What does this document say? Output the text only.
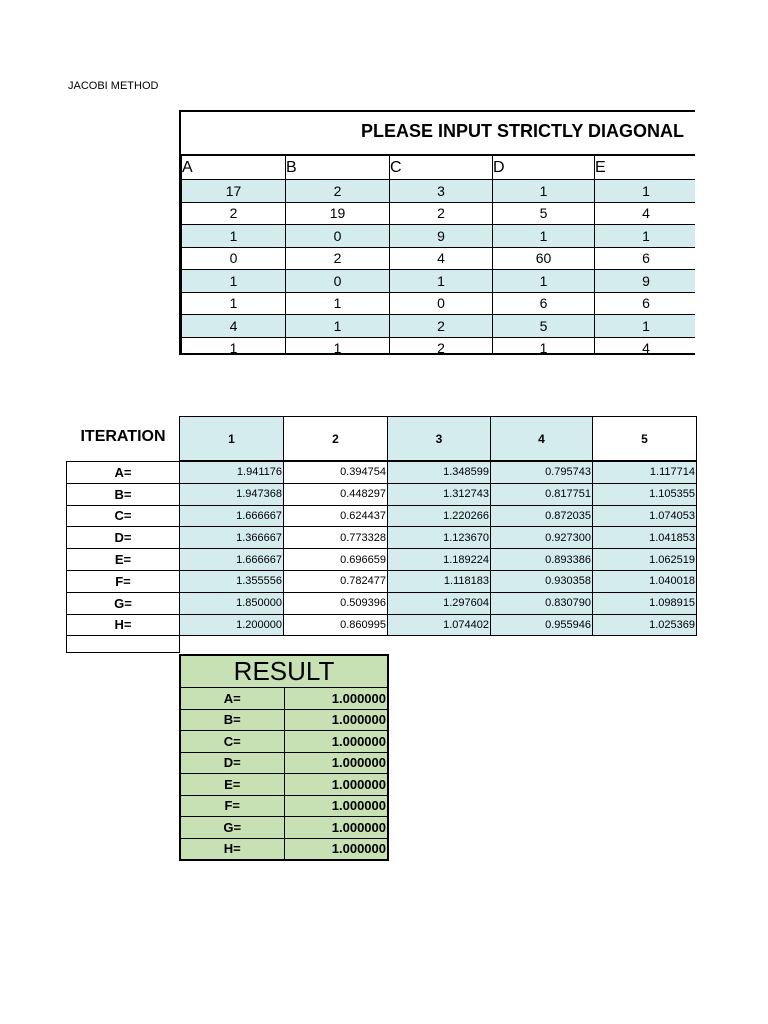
JACOBI METHOD
PLEASE INPUT STRICTLY DIAGONAL
A	B	C	D	E
17	2	3	1	1
2	19	2	5	4
1	0	9	1	1
0	2	4	60	6
1	0	1	1	9
1	1	0	6	6
4	1	2	5	1
1	1	2	1	4
ITERATION	1	2	3	4	5
A=	1.941176	0.394754	1.348599	0.795743	1.117714
B=	1.947368	0.448297	1.312743	0.817751	1.105355
C=	1.666667	0.624437	1.220266	0.872035	1.074053
D=	1.366667	0.773328	1.123670	0.927300	1.041853
E=	1.666667	0.696659	1.189224	0.893386	1.062519
F=	1.355556	0.782477	1.118183	0.930358	1.040018
G=	1.850000	0.509396	1.297604	0.830790	1.098915
H=	1.200000	0.860995	1.074402	0.955946	1.025369

RESULT	
A=	1.000000
B=	1.000000
C=	1.000000
D=	1.000000
E=	1.000000
F=	1.000000
G=	1.000000
H=	1.000000
